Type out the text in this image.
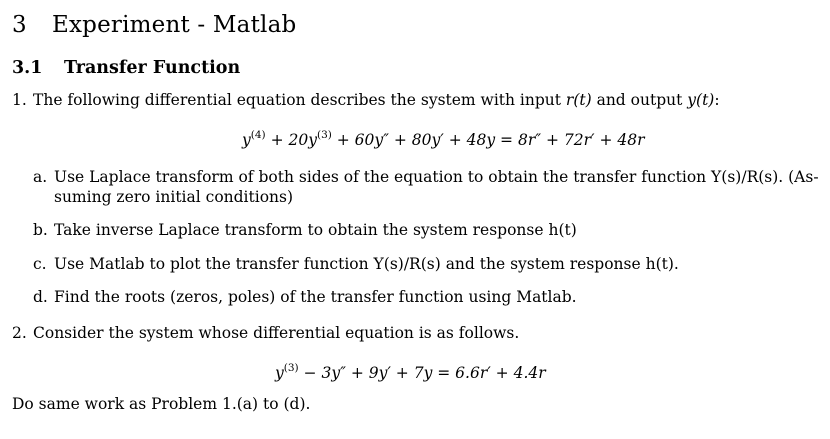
3 Experiment - Matlab
3.1 Transfer Function
1. The following differential equation describes the system with input r(t) and output y(t):
$y^{(4)} + 20y^{(3)} + 60y'' + 80y' + 48y = 8r'' + 72r' + 48r$
a. Use Laplace transform of both sides of the equation to obtain the transfer function Y(s)/R(s). (As-
suming zero initial conditions)
b. Take inverse Laplace transform to obtain the system response h(t)
c. Use Matlab to plot the transfer function Y(s)/R(s) and the system response h(t).
d. Find the roots (zeros, poles) of the transfer function using Matlab.
2. Consider the system whose differential equation is as follows.
$y^{(3)} - 3y'' + 9y' + 7y = 6.6r' + 4.4r$
Do same work as Problem 1.(a) to (d).
